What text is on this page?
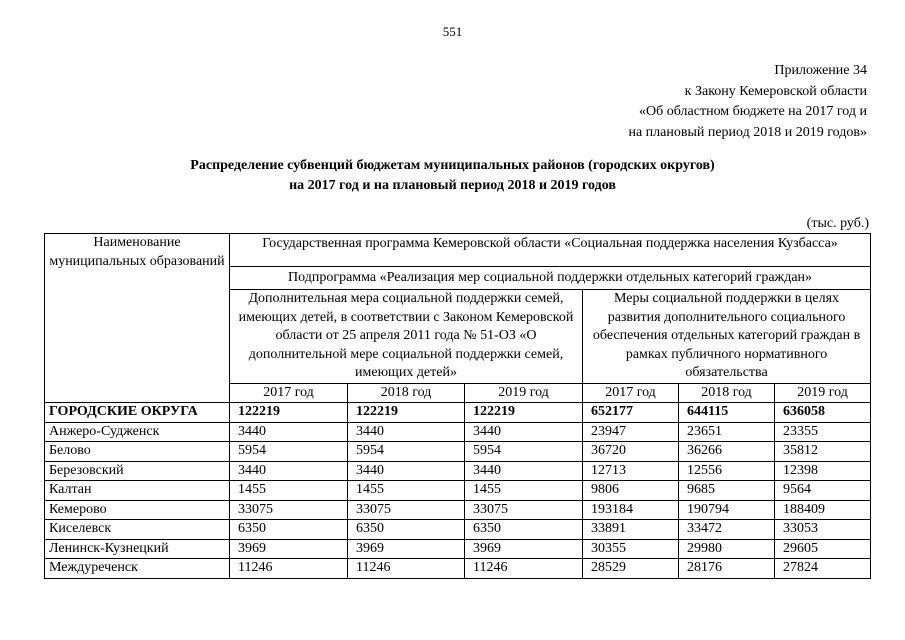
551
Приложение 34
к Закону Кемеровской области
«Об областном бюджете на 2017 год и
на плановый период 2018 и 2019 годов»
Распределение субвенций бюджетам муниципальных районов (городских округов)
на 2017 год и на плановый период 2018 и 2019 годов
(тыс. руб.)
Наименование муниципальных образований	Государственная программа Кемеровской области «Социальная поддержка населения Кузбасса»					
	Подпрограмма «Реализация мер социальной поддержки отдельных категорий граждан»					
	Дополнительная мера социальной поддержки семей, имеющих детей, в соответствии с Законом Кемеровской области от 25 апреля 2011 года № 51-ОЗ «О дополнительной мере социальной поддержки семей, имеющих детей»			Меры социальной поддержки в целях развития дополнительного социального обеспечения отдельных категорий граждан в рамках публичного нормативного обязательства		
	2017 год	2018 год	2019 год	2017 год	2018 год	2019 год
ГОРОДСКИЕ ОКРУГА	122219	122219	122219	652177	644115	636058
Анжеро-Судженск	3440	3440	3440	23947	23651	23355
Белово	5954	5954	5954	36720	36266	35812
Березовский	3440	3440	3440	12713	12556	12398
Калтан	1455	1455	1455	9806	9685	9564
Кемерово	33075	33075	33075	193184	190794	188409
Киселевск	6350	6350	6350	33891	33472	33053
Ленинск-Кузнецкий	3969	3969	3969	30355	29980	29605
Междуреченск	11246	11246	11246	28529	28176	27824
